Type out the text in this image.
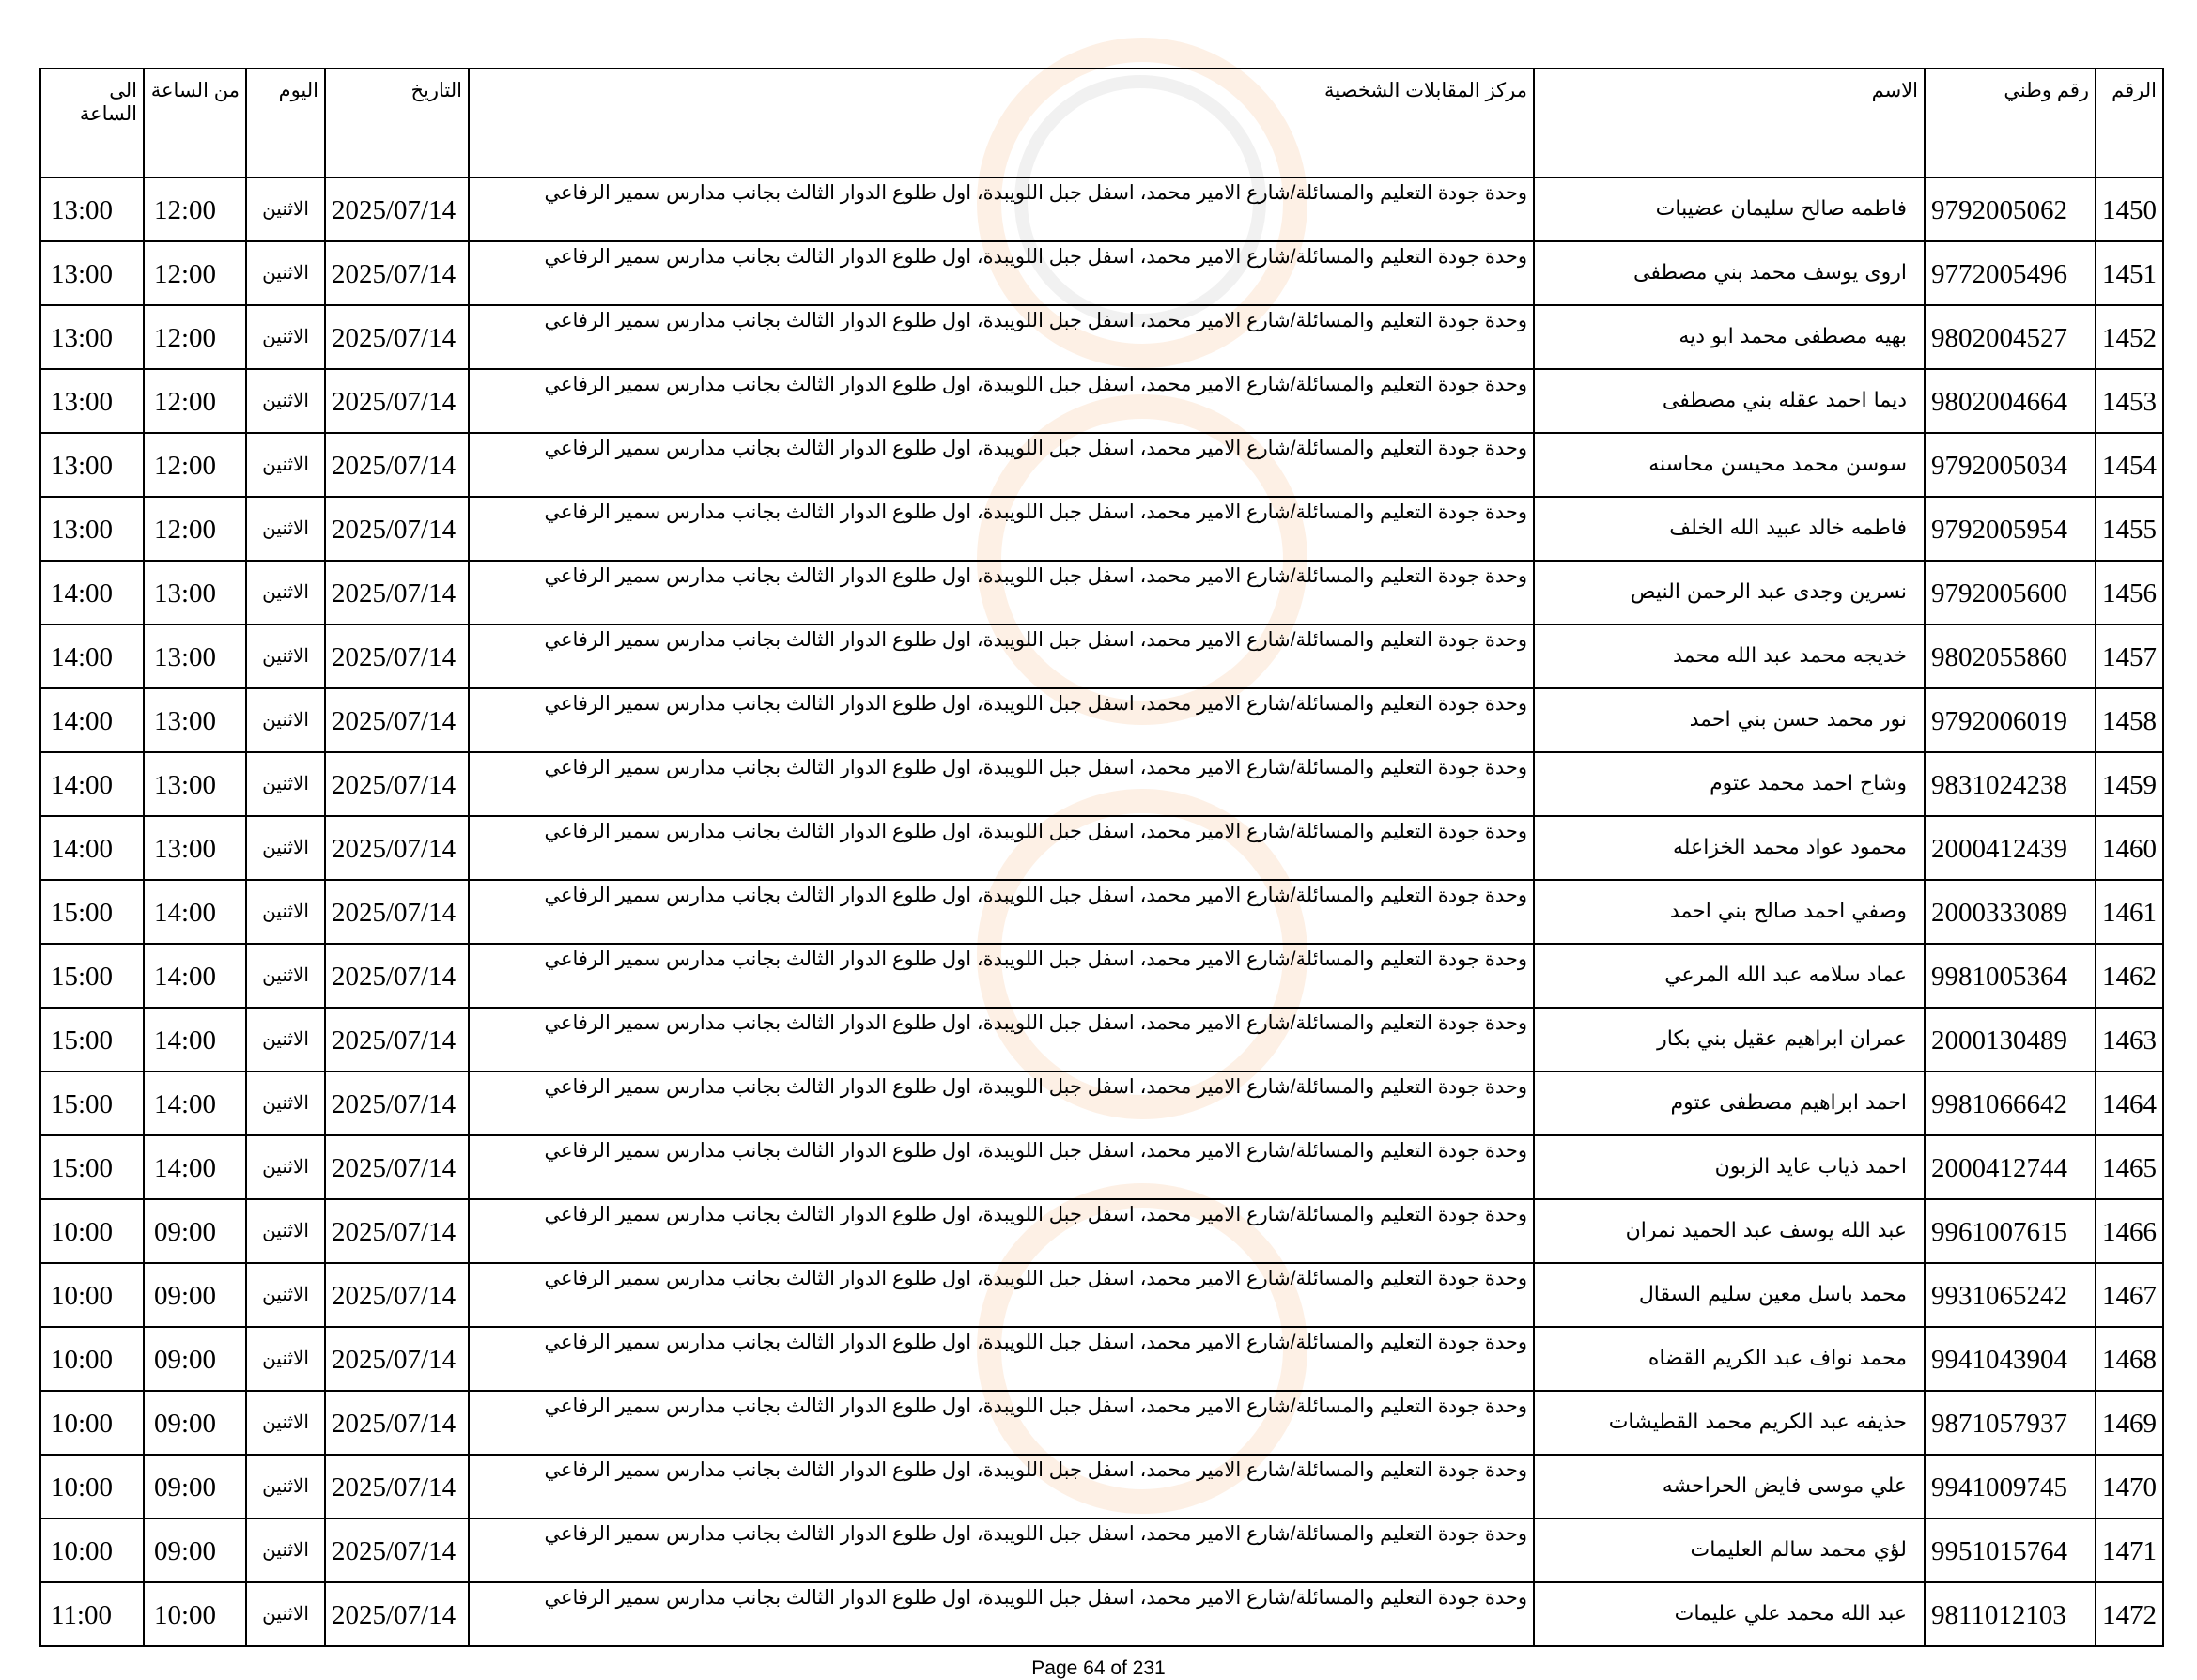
الرقم	رقم وطني	الاسم	مركز المقابلات الشخصية	التاريخ	اليوم	من الساعة	الى الساعة
1450	9792005062	فاطمه صالح سليمان عضيبات	وحدة جودة التعليم والمسائلة/شارع الامير محمد، اسفل جبل اللويبدة، اول طلوع الدوار الثالث بجانب مدارس سمير الرفاعي	2025/07/14	الاثنين	12:00	13:00
1451	9772005496	اروى يوسف محمد بني مصطفى	وحدة جودة التعليم والمسائلة/شارع الامير محمد، اسفل جبل اللويبدة، اول طلوع الدوار الثالث بجانب مدارس سمير الرفاعي	2025/07/14	الاثنين	12:00	13:00
1452	9802004527	بهيه مصطفى محمد ابو ديه	وحدة جودة التعليم والمسائلة/شارع الامير محمد، اسفل جبل اللويبدة، اول طلوع الدوار الثالث بجانب مدارس سمير الرفاعي	2025/07/14	الاثنين	12:00	13:00
1453	9802004664	ديما احمد عقله بني مصطفى	وحدة جودة التعليم والمسائلة/شارع الامير محمد، اسفل جبل اللويبدة، اول طلوع الدوار الثالث بجانب مدارس سمير الرفاعي	2025/07/14	الاثنين	12:00	13:00
1454	9792005034	سوسن محمد محيسن محاسنه	وحدة جودة التعليم والمسائلة/شارع الامير محمد، اسفل جبل اللويبدة، اول طلوع الدوار الثالث بجانب مدارس سمير الرفاعي	2025/07/14	الاثنين	12:00	13:00
1455	9792005954	فاطمه خالد عبيد الله الخلف	وحدة جودة التعليم والمسائلة/شارع الامير محمد، اسفل جبل اللويبدة، اول طلوع الدوار الثالث بجانب مدارس سمير الرفاعي	2025/07/14	الاثنين	12:00	13:00
1456	9792005600	نسرين وجدى عبد الرحمن النيص	وحدة جودة التعليم والمسائلة/شارع الامير محمد، اسفل جبل اللويبدة، اول طلوع الدوار الثالث بجانب مدارس سمير الرفاعي	2025/07/14	الاثنين	13:00	14:00
1457	9802055860	خديجه محمد عبد الله محمد	وحدة جودة التعليم والمسائلة/شارع الامير محمد، اسفل جبل اللويبدة، اول طلوع الدوار الثالث بجانب مدارس سمير الرفاعي	2025/07/14	الاثنين	13:00	14:00
1458	9792006019	نور محمد حسن بني احمد	وحدة جودة التعليم والمسائلة/شارع الامير محمد، اسفل جبل اللويبدة، اول طلوع الدوار الثالث بجانب مدارس سمير الرفاعي	2025/07/14	الاثنين	13:00	14:00
1459	9831024238	وشاح احمد محمد عتوم	وحدة جودة التعليم والمسائلة/شارع الامير محمد، اسفل جبل اللويبدة، اول طلوع الدوار الثالث بجانب مدارس سمير الرفاعي	2025/07/14	الاثنين	13:00	14:00
1460	2000412439	محمود عواد محمد الخزاعله	وحدة جودة التعليم والمسائلة/شارع الامير محمد، اسفل جبل اللويبدة، اول طلوع الدوار الثالث بجانب مدارس سمير الرفاعي	2025/07/14	الاثنين	13:00	14:00
1461	2000333089	وصفي احمد صالح بني احمد	وحدة جودة التعليم والمسائلة/شارع الامير محمد، اسفل جبل اللويبدة، اول طلوع الدوار الثالث بجانب مدارس سمير الرفاعي	2025/07/14	الاثنين	14:00	15:00
1462	9981005364	عماد سلامه عبد الله المرعي	وحدة جودة التعليم والمسائلة/شارع الامير محمد، اسفل جبل اللويبدة، اول طلوع الدوار الثالث بجانب مدارس سمير الرفاعي	2025/07/14	الاثنين	14:00	15:00
1463	2000130489	عمران ابراهيم عقيل بني بكار	وحدة جودة التعليم والمسائلة/شارع الامير محمد، اسفل جبل اللويبدة، اول طلوع الدوار الثالث بجانب مدارس سمير الرفاعي	2025/07/14	الاثنين	14:00	15:00
1464	9981066642	احمد ابراهيم مصطفى عتوم	وحدة جودة التعليم والمسائلة/شارع الامير محمد، اسفل جبل اللويبدة، اول طلوع الدوار الثالث بجانب مدارس سمير الرفاعي	2025/07/14	الاثنين	14:00	15:00
1465	2000412744	احمد ذياب عايد الزبون	وحدة جودة التعليم والمسائلة/شارع الامير محمد، اسفل جبل اللويبدة، اول طلوع الدوار الثالث بجانب مدارس سمير الرفاعي	2025/07/14	الاثنين	14:00	15:00
1466	9961007615	عبد الله يوسف عبد الحميد نمران	وحدة جودة التعليم والمسائلة/شارع الامير محمد، اسفل جبل اللويبدة، اول طلوع الدوار الثالث بجانب مدارس سمير الرفاعي	2025/07/14	الاثنين	09:00	10:00
1467	9931065242	محمد باسل معين سليم السقال	وحدة جودة التعليم والمسائلة/شارع الامير محمد، اسفل جبل اللويبدة، اول طلوع الدوار الثالث بجانب مدارس سمير الرفاعي	2025/07/14	الاثنين	09:00	10:00
1468	9941043904	محمد نواف عبد الكريم القضاه	وحدة جودة التعليم والمسائلة/شارع الامير محمد، اسفل جبل اللويبدة، اول طلوع الدوار الثالث بجانب مدارس سمير الرفاعي	2025/07/14	الاثنين	09:00	10:00
1469	9871057937	حذيفه عبد الكريم محمد القطيشات	وحدة جودة التعليم والمسائلة/شارع الامير محمد، اسفل جبل اللويبدة، اول طلوع الدوار الثالث بجانب مدارس سمير الرفاعي	2025/07/14	الاثنين	09:00	10:00
1470	9941009745	علي موسى فايض الحراحشه	وحدة جودة التعليم والمسائلة/شارع الامير محمد، اسفل جبل اللويبدة، اول طلوع الدوار الثالث بجانب مدارس سمير الرفاعي	2025/07/14	الاثنين	09:00	10:00
1471	9951015764	لؤي محمد سالم العليمات	وحدة جودة التعليم والمسائلة/شارع الامير محمد، اسفل جبل اللويبدة، اول طلوع الدوار الثالث بجانب مدارس سمير الرفاعي	2025/07/14	الاثنين	09:00	10:00
1472	9811012103	عبد الله محمد علي عليمات	وحدة جودة التعليم والمسائلة/شارع الامير محمد، اسفل جبل اللويبدة، اول طلوع الدوار الثالث بجانب مدارس سمير الرفاعي	2025/07/14	الاثنين	10:00	11:00
Page 64 of 231
